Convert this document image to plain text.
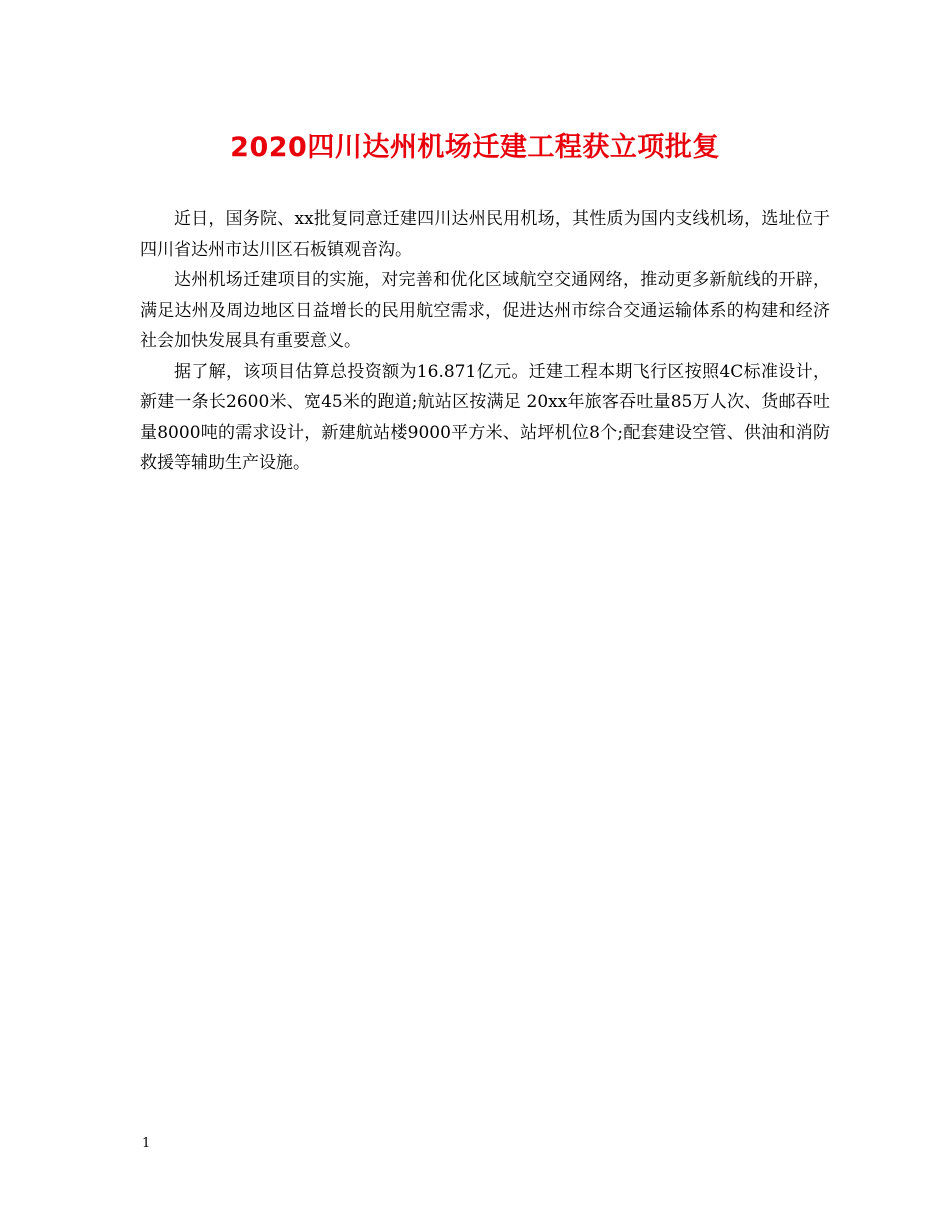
2020四川达州机场迁建工程获立项批复

近日，国务院、xx批复同意迁建四川达州民用机场，其性质为国内支线机场，选址位于四川省达州市达川区石板镇观音沟。

达州机场迁建项目的实施，对完善和优化区域航空交通网络，推动更多新航线的开辟，满足达州及周边地区日益增长的民用航空需求，促进达州市综合交通运输体系的构建和经济社会加快发展具有重要意义。

据了解，该项目估算总投资额为16.871亿元。迁建工程本期飞行区按照4C标准设计，新建一条长2600米、宽45米的跑道;航站区按满足 20xx年旅客吞吐量85万人次、货邮吞吐量8000吨的需求设计，新建航站楼9000平方米、站坪机位8个;配套建设空管、供油和消防救援等辅助生产设施。

1
